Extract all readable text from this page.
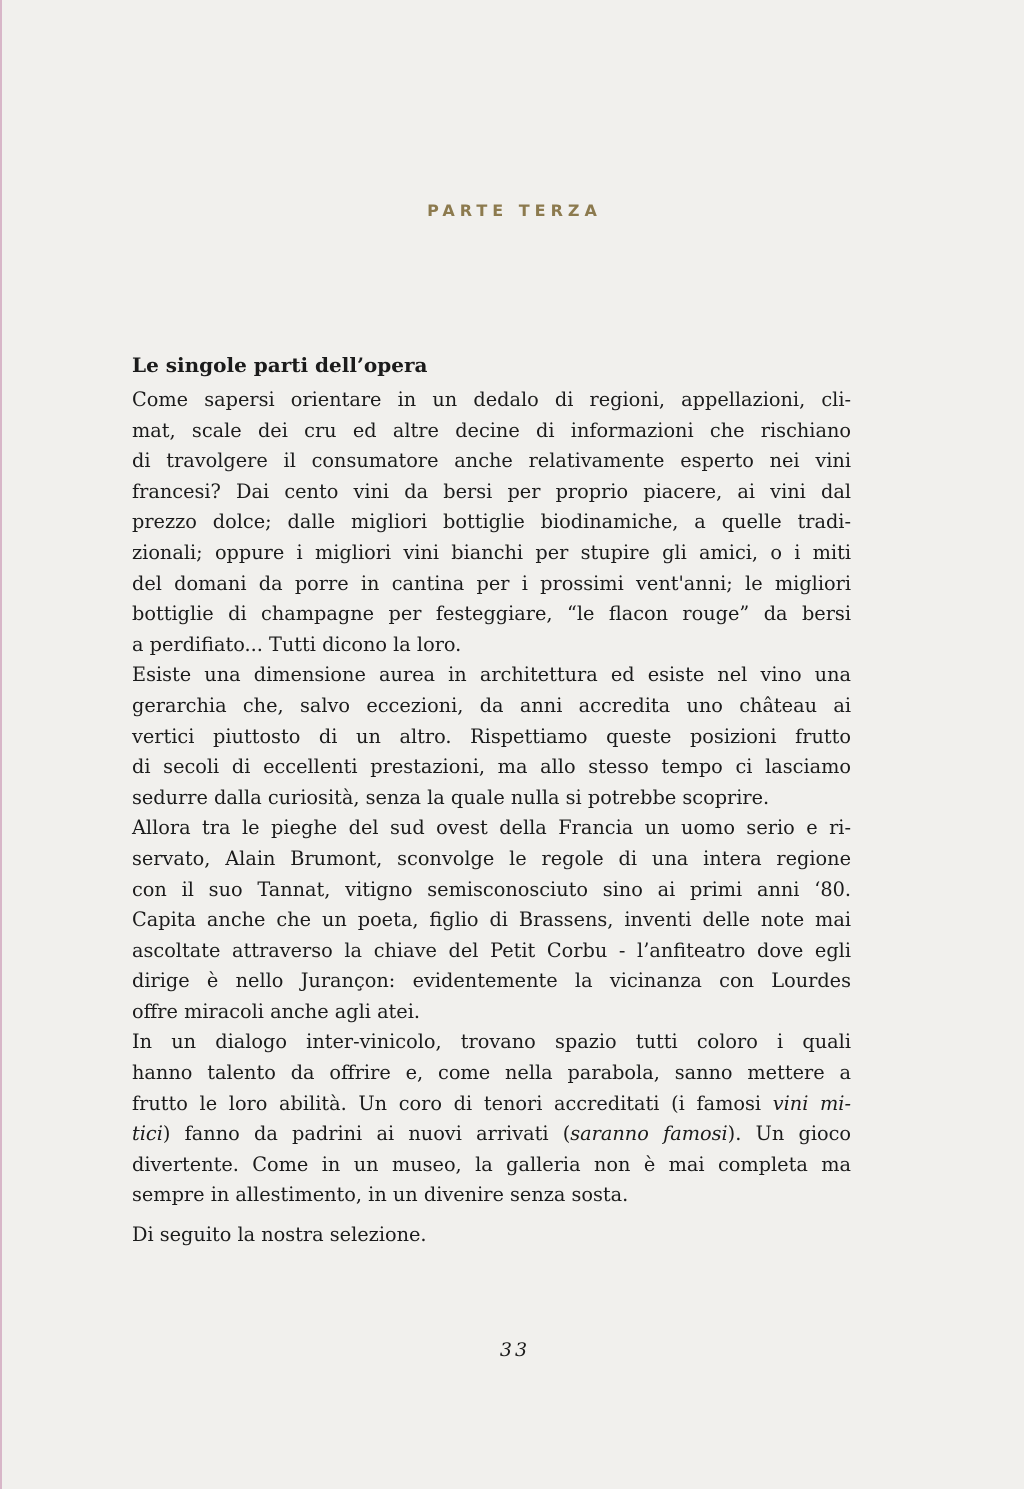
PARTE TERZA
Le singole parti dell’opera

Come sapersi orientare in un dedalo di regioni, appellazioni, cli-
mat, scale dei cru ed altre decine di informazioni che rischiano
di travolgere il consumatore anche relativamente esperto nei vini
francesi? Dai cento vini da bersi per proprio piacere, ai vini dal
prezzo dolce; dalle migliori bottiglie biodinamiche, a quelle tradi-
zionali; oppure i migliori vini bianchi per stupire gli amici, o i miti
del domani da porre in cantina per i prossimi vent'anni; le migliori
bottiglie di champagne per festeggiare, “le flacon rouge” da bersi
a perdifiato... Tutti dicono la loro.

Esiste una dimensione aurea in architettura ed esiste nel vino una
gerarchia che, salvo eccezioni, da anni accredita uno château ai
vertici piuttosto di un altro. Rispettiamo queste posizioni frutto
di secoli di eccellenti prestazioni, ma allo stesso tempo ci lasciamo
sedurre dalla curiosità, senza la quale nulla si potrebbe scoprire.

Allora tra le pieghe del sud ovest della Francia un uomo serio e ri-
servato, Alain Brumont, sconvolge le regole di una intera regione
con il suo Tannat, vitigno semisconosciuto sino ai primi anni ‘80.
Capita anche che un poeta, figlio di Brassens, inventi delle note mai
ascoltate attraverso la chiave del Petit Corbu - l’anfiteatro dove egli
dirige è nello Jurançon: evidentemente la vicinanza con Lourdes
offre miracoli anche agli atei.

In un dialogo inter-vinicolo, trovano spazio tutti coloro i quali
hanno talento da offrire e, come nella parabola, sanno mettere a
frutto le loro abilità. Un coro di tenori accreditati (i famosi vini mi-
tici) fanno da padrini ai nuovi arrivati (saranno famosi). Un gioco
divertente. Come in un museo, la galleria non è mai completa ma
sempre in allestimento, in un divenire senza sosta.

Di seguito la nostra selezione.

33
